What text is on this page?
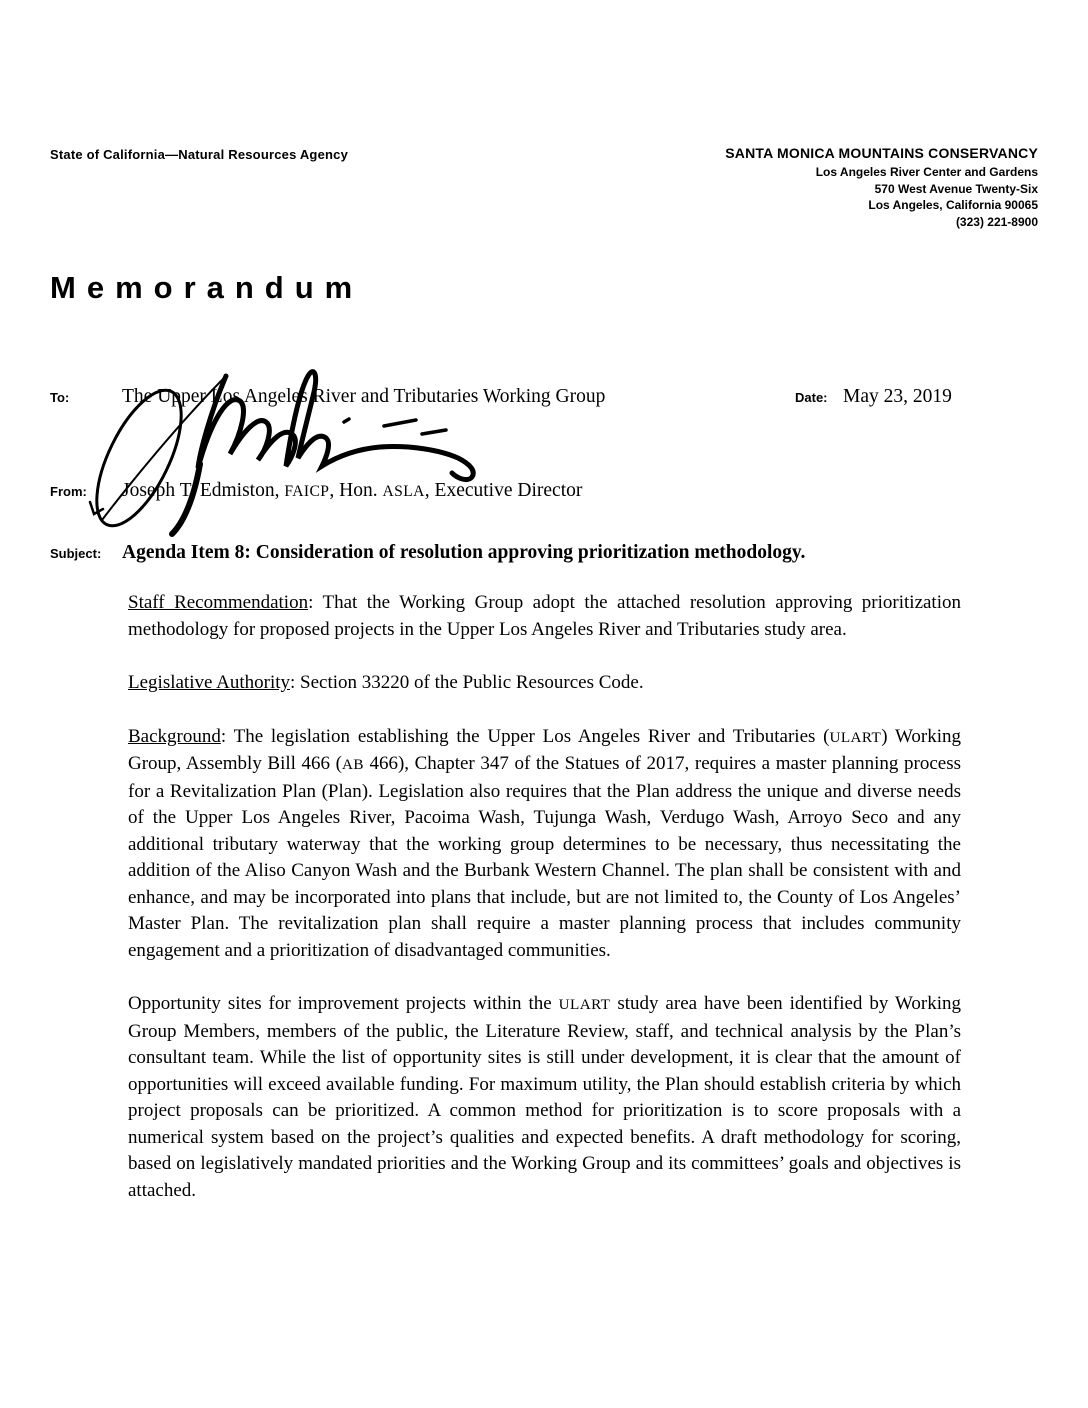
State of California—Natural Resources Agency	SANTA MONICA MOUNTAINS CONSERVANCY
Los Angeles River Center and Gardens
570 West Avenue Twenty-Six
Los Angeles, California 90065
(323) 221-8900
Memorandum
To:	The Upper Los Angeles River and Tributaries Working Group	Date: May 23, 2019
From:	Joseph T. Edmiston, FAICP, Hon. ASLA, Executive Director
Subject:	Agenda Item 8: Consideration of resolution approving prioritization methodology.

Staff Recommendation: That the Working Group adopt the attached resolution approving prioritization methodology for proposed projects in the Upper Los Angeles River and Tributaries study area.

Legislative Authority: Section 33220 of the Public Resources Code.

Background: The legislation establishing the Upper Los Angeles River and Tributaries (ULART) Working Group, Assembly Bill 466 (AB 466), Chapter 347 of the Statues of 2017, requires a master planning process for a Revitalization Plan (Plan). Legislation also requires that the Plan address the unique and diverse needs of the Upper Los Angeles River, Pacoima Wash, Tujunga Wash, Verdugo Wash, Arroyo Seco and any additional tributary waterway that the working group determines to be necessary, thus necessitating the addition of the Aliso Canyon Wash and the Burbank Western Channel. The plan shall be consistent with and enhance, and may be incorporated into plans that include, but are not limited to, the County of Los Angeles’ Master Plan. The revitalization plan shall require a master planning process that includes community engagement and a prioritization of disadvantaged communities.

Opportunity sites for improvement projects within the ULART study area have been identified by Working Group Members, members of the public, the Literature Review, staff, and technical analysis by the Plan’s consultant team. While the list of opportunity sites is still under development, it is clear that the amount of opportunities will exceed available funding. For maximum utility, the Plan should establish criteria by which project proposals can be prioritized. A common method for prioritization is to score proposals with a numerical system based on the project’s qualities and expected benefits. A draft methodology for scoring, based on legislatively mandated priorities and the Working Group and its committees’ goals and objectives is attached.
